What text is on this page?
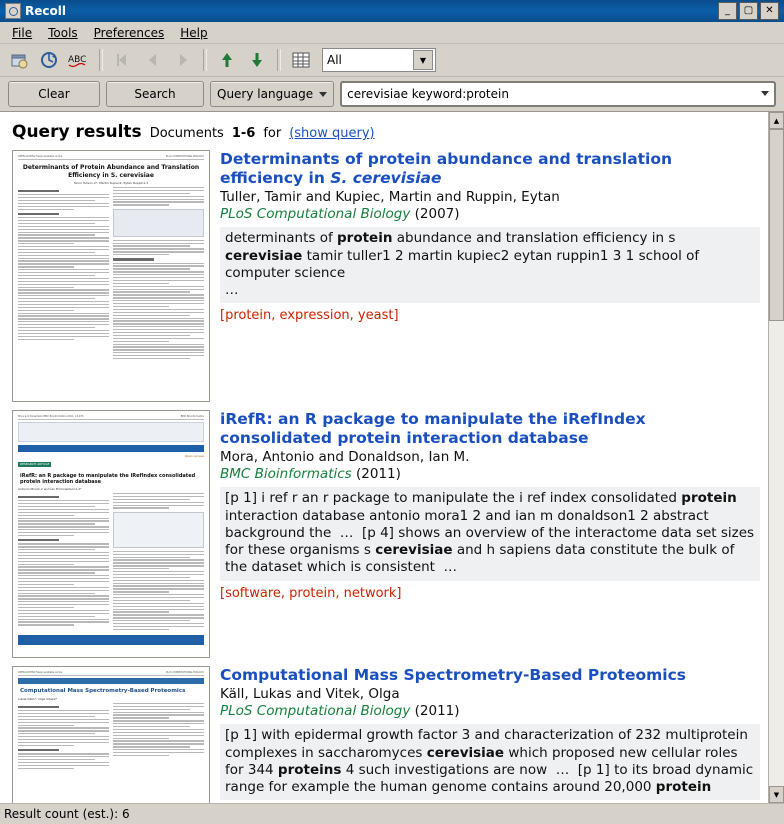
Recoll	_	▢	✕
File	Tools	Preferences	Help
ABC	All	▼
Clear	Search	Query language	cerevisiae keyword:protein
Query results Documents 1-6 for (show query)
OPEN ACCESS Freely available online	PLoS COMPUTATIONAL BIOLOGY
Determinants of Protein Abundance and Translation Efficiency in S. cerevisiae
Tamir Tuller1,2*, Martin Kupiec2, Eytan Ruppin1,3
Determinants of protein abundance and translation efficiency in S. cerevisiae
Tuller, Tamir and Kupiec, Martin and Ruppin, Eytan
PLoS Computational Biology (2007)
determinants of protein abundance and translation efficiency in s cerevisiae tamir tuller1 2 martin kupiec2 eytan ruppin1 3 1 school of computer science
…
[protein, expression, yeast]
Mora and Donaldson BMC Bioinformatics 2011, 12:455	BMC Bioinformatics
RESEARCH ARTICLE
Open Access
iRefR: an R package to manipulate the iRefIndex consolidated protein interaction database
Antonio Mora1,2 and Ian M Donaldson1,2*
iRefR: an R package to manipulate the iRefIndex consolidated protein interaction database
Mora, Antonio and Donaldson, Ian M.
BMC Bioinformatics (2011)
[p 1] i ref r an r package to manipulate the i ref index consolidated protein interaction database antonio mora1 2 and ian m donaldson1 2 abstract background the  …  [p 4] shows an overview of the interactome data set sizes for these organisms s cerevisiae and h sapiens data constitute the bulk of the dataset which is consistent  …
[software, protein, network]
OPEN ACCESS Freely available online	PLoS COMPUTATIONAL BIOLOGY
Computational Mass Spectrometry-Based Proteomics
Lukas Käll1*, Olga Vitek2*
Computational Mass Spectrometry-Based Proteomics
Käll, Lukas and Vitek, Olga
PLoS Computational Biology (2011)
[p 1] with epidermal growth factor 3 and characterization of 232 multiprotein complexes in saccharomyces cerevisiae which proposed new cellular roles for 344 proteins 4 such investigations are now  …  [p 1] to its broad dynamic range for example the human genome contains around 20,000 protein
▲
▼
Result count (est.): 6
